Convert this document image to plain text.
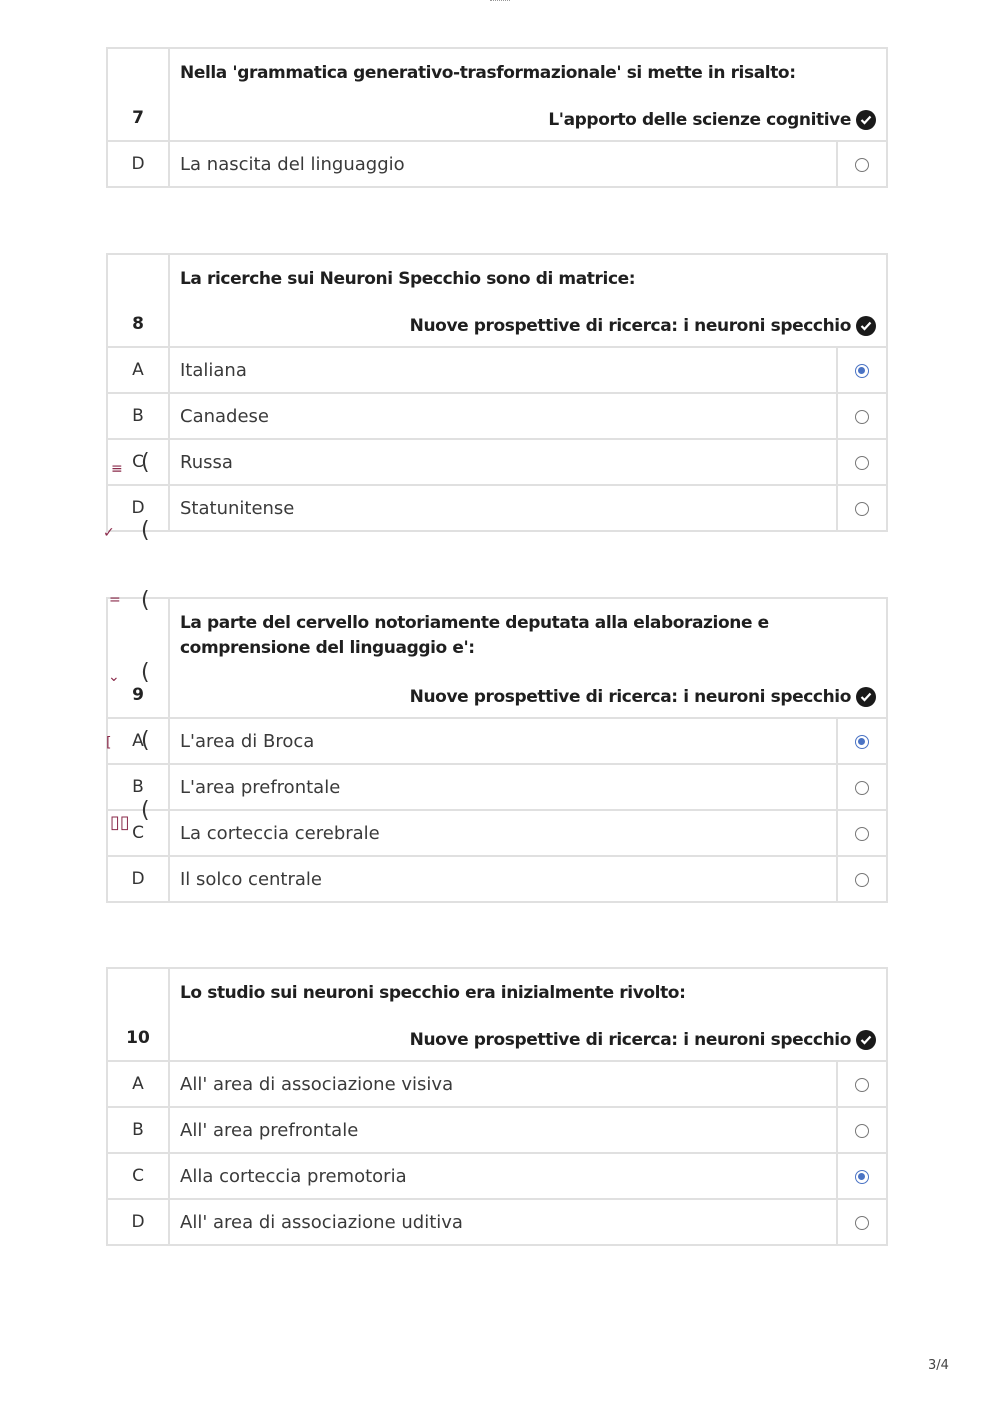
7	Nella 'grammatica generativo-trasformazionale' si mette in risalto:
L'apporto delle scienze cognitive	

D	La nascita del linguaggio	
8	La ricerche sui Neuroni Specchio sono di matrice:
Nuove prospettive di ricerca: i neuroni specchio	

A	Italiana	
B	Canadese	
C	Russa	
D	Statunitense	
9	La parte del cervello notoriamente deputata alla elaborazione e comprensione del linguaggio e':
Nuove prospettive di ricerca: i neuroni specchio	

A	L'area di Broca	
B	L'area prefrontale	
C	La corteccia cerebrale	
D	Il solco centrale	
10	Lo studio sui neuroni specchio era inizialmente rivolto:
Nuove prospettive di ricerca: i neuroni specchio	

A	All' area di associazione visiva	
B	All' area prefrontale	
C	Alla corteccia premotoria	
D	All' area di associazione uditiva	
(
(
(
(
(
(
≡
✓
=
⌄
[
▯▯
3/4
